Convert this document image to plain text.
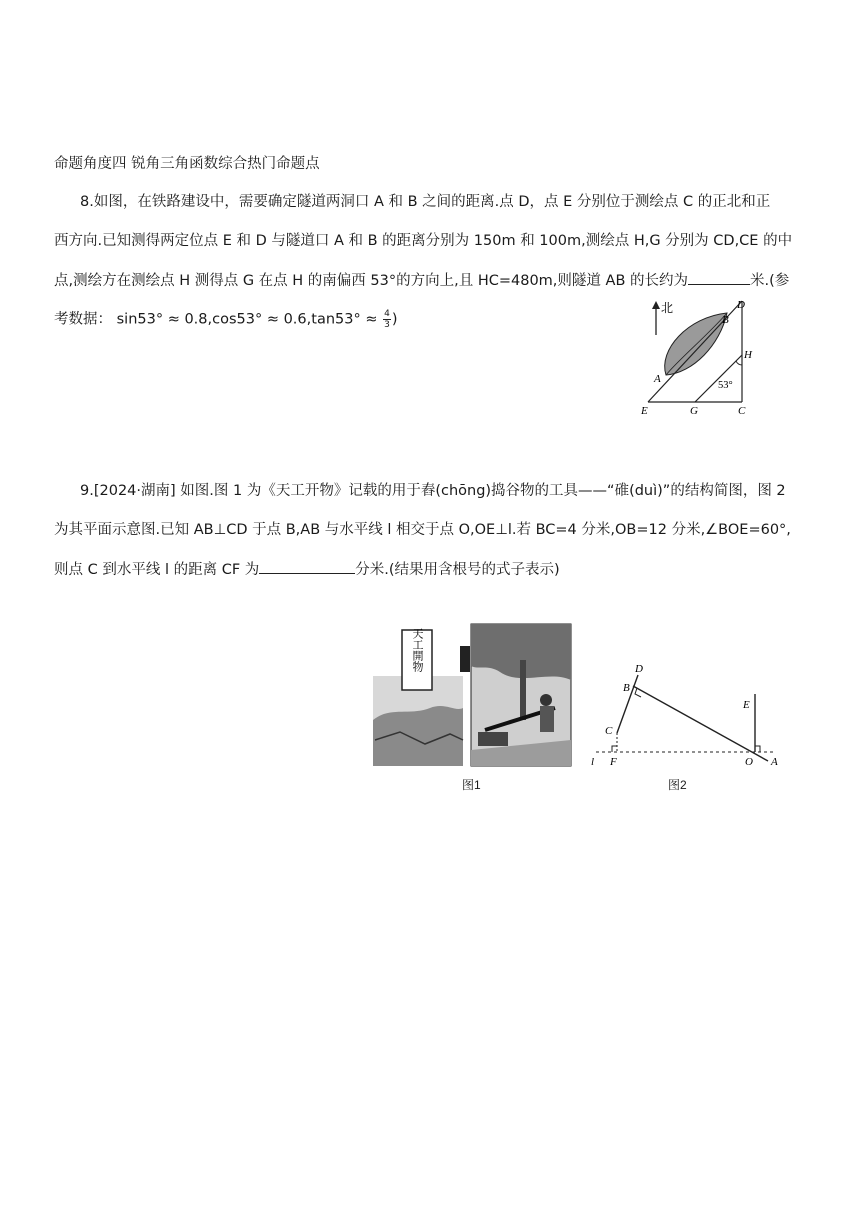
命题角度四 锐角三角函数综合热门命题点
8.如图，在铁路建设中，需要确定隧道两洞口 A 和 B 之间的距离.点 D，点 E 分别位于测绘点 C 的正北和正
西方向.已知测得两定位点 E 和 D 与隧道口 A 和 B 的距离分别为 150m 和 100m,测绘点 H,G 分别为 CD,CE 的中
点,测绘方在测绘点 H 测得点 G 在点 H 的南偏西 53°的方向上,且 HC=480m,则隧道 AB 的长约为	米.(参
考数据： $\sin 53^\circ \approx 0.8,\cos 53^\circ \approx 0.6,\tan 53^\circ \approx \frac{4}{3}$ )
北	D
B
H
A
E	G	C
53°
9.[2024·湖南] 如图.图 1 为《天工开物》记载的用于舂(chōng)捣谷物的工具——“碓(duì)”的结构简图，图 2
为其平面示意图.已知 AB⊥CD 于点 B,AB 与水平线 l 相交于点 O,OE⊥l.若 BC=4 分米,OB=12 分米,∠BOE=60°,
则点 C 到水平线 l 的距离 CF 为	分米.(结果用含根号的式子表示)
天工開物
图1
D
B
C
l F
E
O A
图2
